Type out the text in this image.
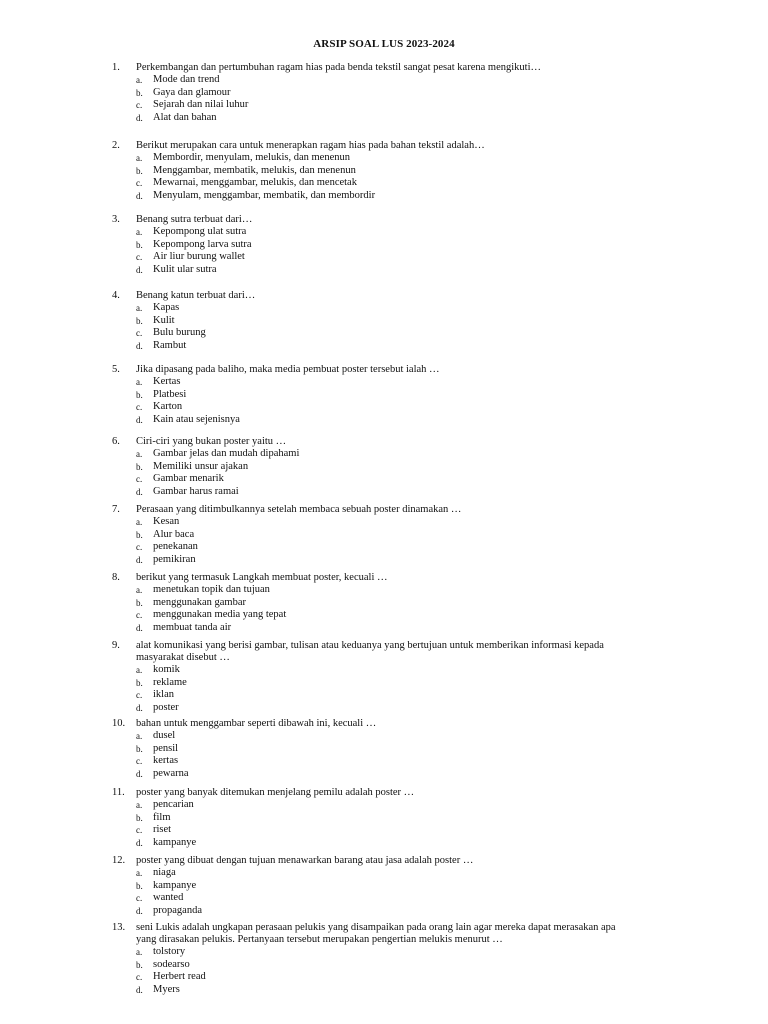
ARSIP SOAL LUS 2023-2024
1. Perkembangan dan pertumbuhan ragam hias pada benda tekstil sangat pesat karena mengikuti…
a. Mode dan trend
b. Gaya dan glamour
c. Sejarah dan nilai luhur
d. Alat dan bahan
2. Berikut merupakan cara untuk menerapkan ragam hias pada bahan tekstil adalah…
a. Membordir, menyulam, melukis, dan menenun
b. Menggambar, membatik, melukis, dan menenun
c. Mewarnai, menggambar, melukis, dan mencetak
d. Menyulam, menggambar, membatik, dan membordir
3. Benang sutra terbuat dari…
a. Kepompong ulat sutra
b. Kepompong larva sutra
c. Air liur burung wallet
d. Kulit ular sutra
4. Benang katun terbuat dari…
a. Kapas
b. Kulit
c. Bulu burung
d. Rambut
5. Jika dipasang pada baliho, maka media pembuat poster tersebut ialah …
a. Kertas
b. Platbesi
c. Karton
d. Kain atau sejenisnya
6. Ciri-ciri yang bukan poster yaitu …
a. Gambar jelas dan mudah dipahami
b. Memiliki unsur ajakan
c. Gambar menarik
d. Gambar harus ramai
7. Perasaan yang ditimbulkannya setelah membaca sebuah poster dinamakan …
a. Kesan
b. Alur baca
c. penekanan
d. pemikiran
8. berikut yang termasuk Langkah membuat poster, kecuali …
a. menetukan topik dan tujuan
b. menggunakan gambar
c. menggunakan media yang tepat
d. membuat tanda air
9. alat komunikasi yang berisi gambar, tulisan atau keduanya yang bertujuan untuk memberikan informasi kepada
masyarakat disebut …
a. komik
b. reklame
c. iklan
d. poster
10. bahan untuk menggambar seperti dibawah ini, kecuali …
a. dusel
b. pensil
c. kertas
d. pewarna
11. poster yang banyak ditemukan menjelang pemilu adalah poster …
a. pencarian
b. film
c. riset
d. kampanye
12. poster yang dibuat dengan tujuan menawarkan barang atau jasa adalah poster …
a. niaga
b. kampanye
c. wanted
d. propaganda
13. seni Lukis adalah ungkapan perasaan pelukis yang disampaikan pada orang lain agar mereka dapat merasakan apa
yang dirasakan pelukis. Pertanyaan tersebut merupakan pengertian melukis menurut …
a. tolstory
b. sodearso
c. Herbert read
d. Myers
